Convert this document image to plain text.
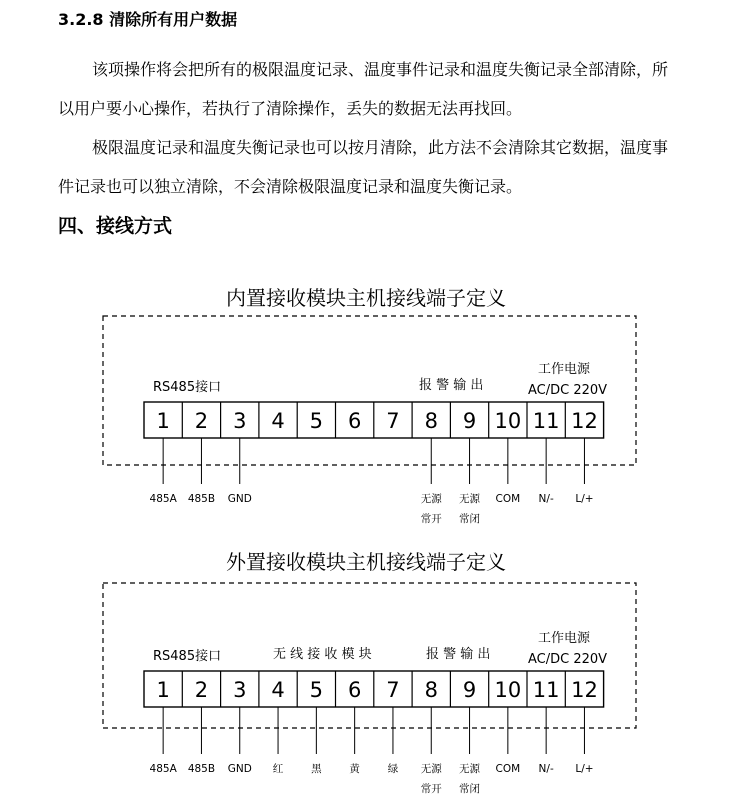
3.2.8 清除所有用户数据

该项操作将会把所有的极限温度记录、温度事件记录和温度失衡记录全部清除，所以用户要小心操作，若执行了清除操作，丢失的数据无法再找回。

极限温度记录和温度失衡记录也可以按月清除，此方法不会清除其它数据，温度事件记录也可以独立清除，不会清除极限温度记录和温度失衡记录。

四、接线方式
内置接收模块主机接线端子定义
外置接收模块主机接线端子定义
RS485接口	报 警 输 出
工作电源
AC/DC 220V
1 2 3 4 5 6 7 8 9 10 11 12
485A 485B GND	无源
常开
无源
常闭
COM N/- L/+
RS485接口	无 线 接 收 模 块	报 警 输 出
工作电源
AC/DC 220V
1 2 3 4 5 6 7 8 9 10 11 12
485A 485B GND 红	黑	黄	绿 无源
常开
无源
常闭
COM N/- L/+
